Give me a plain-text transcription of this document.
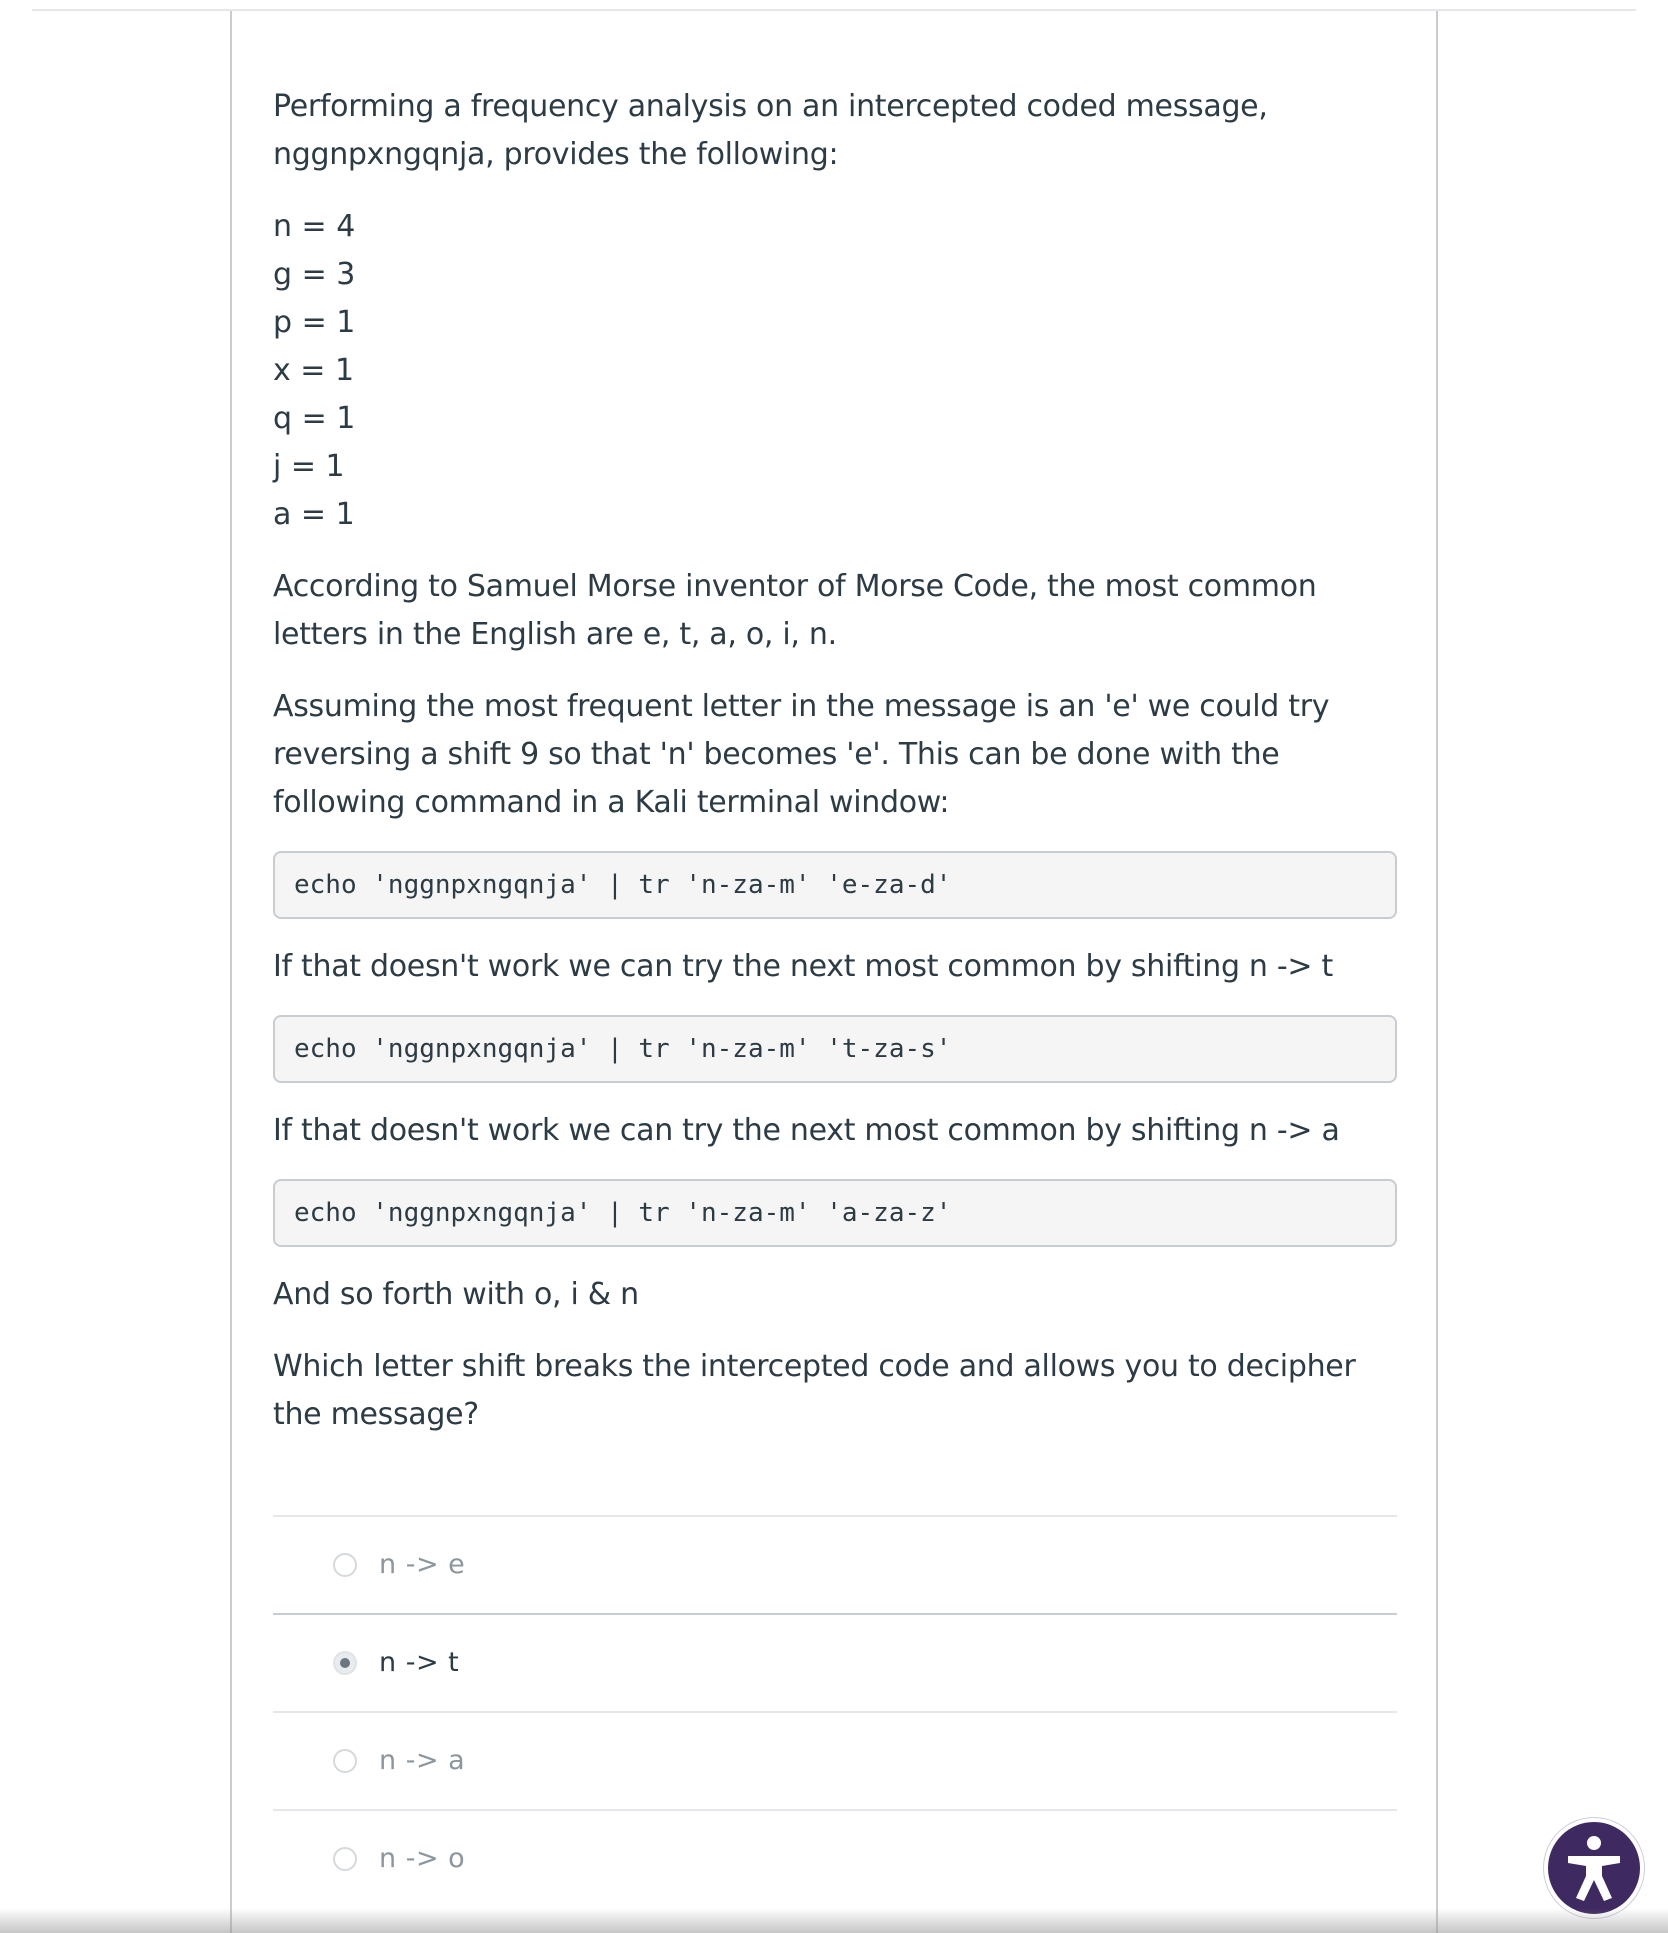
Performing a frequency analysis on an intercepted coded message, nggnpxngqnja, provides the following:

n = 4
g = 3
p = 1
x = 1
q = 1
j = 1
a = 1

According to Samuel Morse inventor of Morse Code, the most common letters in the English are e, t, a, o, i, n.

Assuming the most frequent letter in the message is an 'e' we could try reversing a shift 9 so that 'n' becomes 'e'. This can be done with the following command in a Kali terminal window:

echo 'nggnpxngqnja' | tr 'n-za-m' 'e-za-d'

If that doesn't work we can try the next most common by shifting n -> t

echo 'nggnpxngqnja' | tr 'n-za-m' 't-za-s'

If that doesn't work we can try the next most common by shifting n -> a

echo 'nggnpxngqnja' | tr 'n-za-m' 'a-za-z'

And so forth with o, i & n

Which letter shift breaks the intercepted code and allows you to decipher the message?

n -> e
n -> t
n -> a
n -> o
